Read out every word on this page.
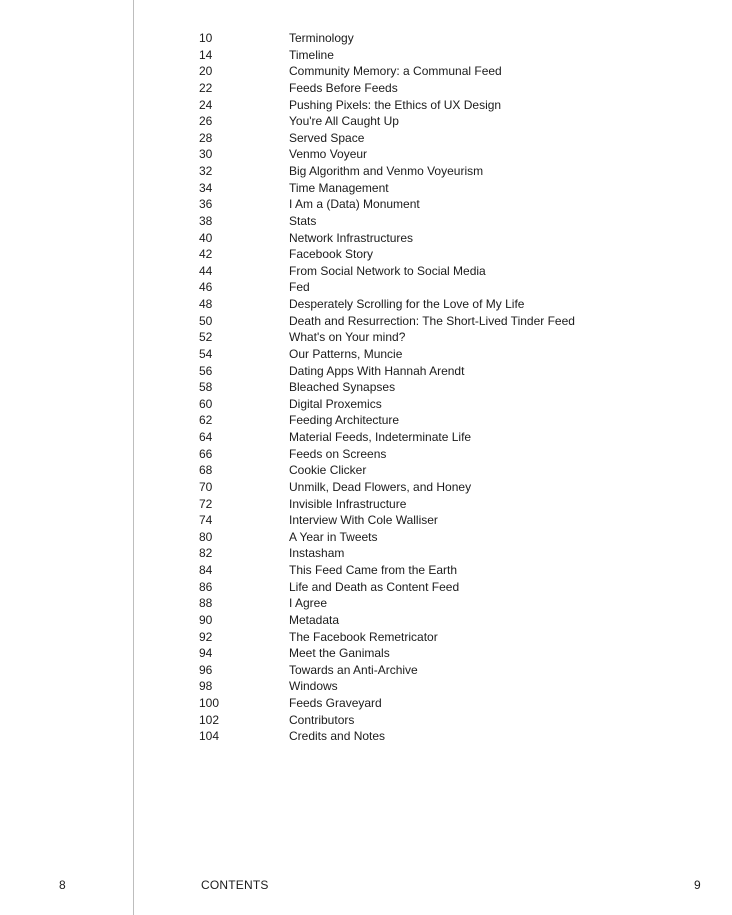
10	Terminology
14	Timeline
20	Community Memory: a Communal Feed
22	Feeds Before Feeds
24	Pushing Pixels: the Ethics of UX Design
26	You're All Caught Up
28	Served Space
30	Venmo Voyeur
32	Big Algorithm and Venmo Voyeurism
34	Time Management
36	I Am a (Data) Monument
38	Stats
40	Network Infrastructures
42	Facebook Story
44	From Social Network to Social Media
46	Fed
48	Desperately Scrolling for the Love of My Life
50	Death and Resurrection: The Short-Lived Tinder Feed
52	What's on Your mind?
54	Our Patterns, Muncie
56	Dating Apps With Hannah Arendt
58	Bleached Synapses
60	Digital Proxemics
62	Feeding Architecture
64	Material Feeds, Indeterminate Life
66	Feeds on Screens
68	Cookie Clicker
70	Unmilk, Dead Flowers, and Honey
72	Invisible Infrastructure
74	Interview With Cole Walliser
80	A Year in Tweets
82	Instasham
84	This Feed Came from the Earth
86	Life and Death as Content Feed
88	I Agree
90	Metadata
92	The Facebook Remetricator
94	Meet the Ganimals
96	Towards an Anti-Archive
98	Windows
100	Feeds Graveyard
102	Contributors
104	Credits and Notes
8	CONTENTS	9
